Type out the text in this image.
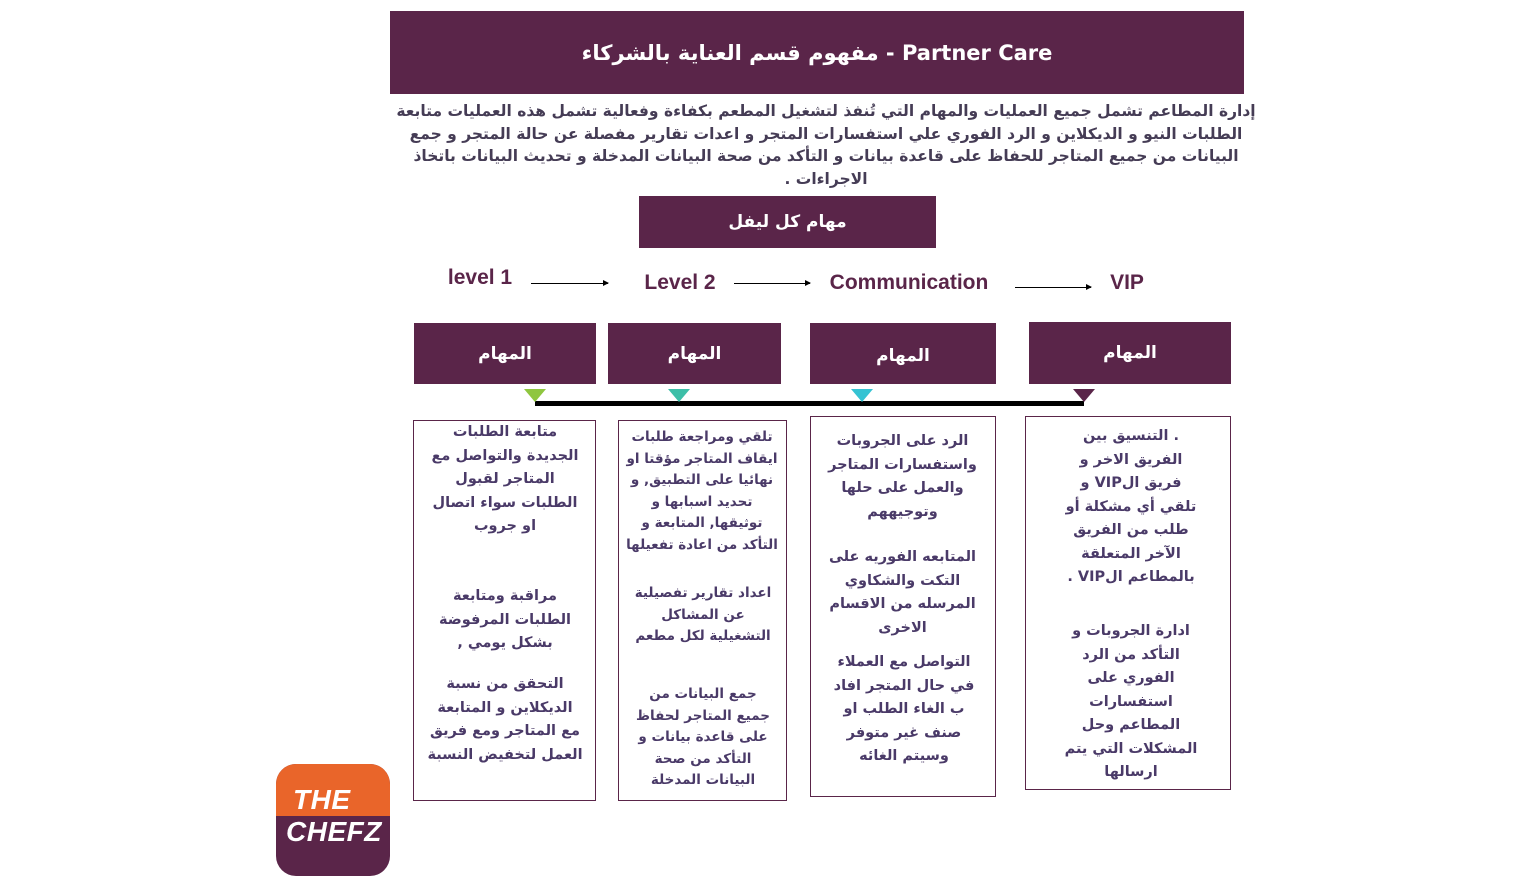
مفهوم قسم العناية بالشركاء - Partner Care
إدارة المطاعم تشمل جميع العمليات والمهام التي تُنفذ لتشغيل المطعم بكفاءة وفعالية تشمل هذه العمليات متابعة الطلبات النيو و الديكلاين و الرد الفوري علي استفسارات المتجر و اعدات تقارير مفصلة عن حالة المتجر و جمع البيانات من جميع المتاجر للحفاظ على قاعدة بيانات و التأكد من صحة البيانات المدخلة و تحديث البيانات باتخاذ الاجراءات .
مهام كل ليفل
level 1	Level 2	Communication	VIP
المهام	المهام	المهام	المهام
متابعة الطلبات الجديدة والتواصل مع المتاجر لقبول الطلبات سواء اتصال او جروب
مراقبة ومتابعة الطلبات المرفوضة بشكل يومي ,
التحقق من نسبة الديكلاين و المتابعة مع المتاجر ومع فريق العمل لتخفيض النسبة
تلقي ومراجعة طلبات ايقاف المتاجر مؤقتا او نهائيا على التطبيق, و تحديد اسبابها و توثيقها, المتابعة و التأكد من اعادة تفعيلها
اعداد تقارير تفصيلية عن المشاكل التشغيلية لكل مطعم
جمع البيانات من جميع المتاجر لحفاظ على قاعدة بيانات و التأكد من صحة البيانات المدخلة
الرد على الجروبات واستفسارات المتاجر والعمل على حلها وتوجيههم
المتابعه الفوريه على التكت والشكاوي المرسله من الاقسام الاخرى
التواصل مع العملاء في حال المتجر افاد ب الغاء الطلب او صنف غير متوفر وسيتم الغائه
. التنسيق بين الفريق الاخر و فريق الVIP و تلقي أي مشكلة أو طلب من الفريق الآخر المتعلقة بالمطاعم الVIP .
ادارة الجروبات و التأكد من الرد الفوري على استفسارات المطاعم وحل المشكلات التي يتم ارسالها
THE
CHEFZ
